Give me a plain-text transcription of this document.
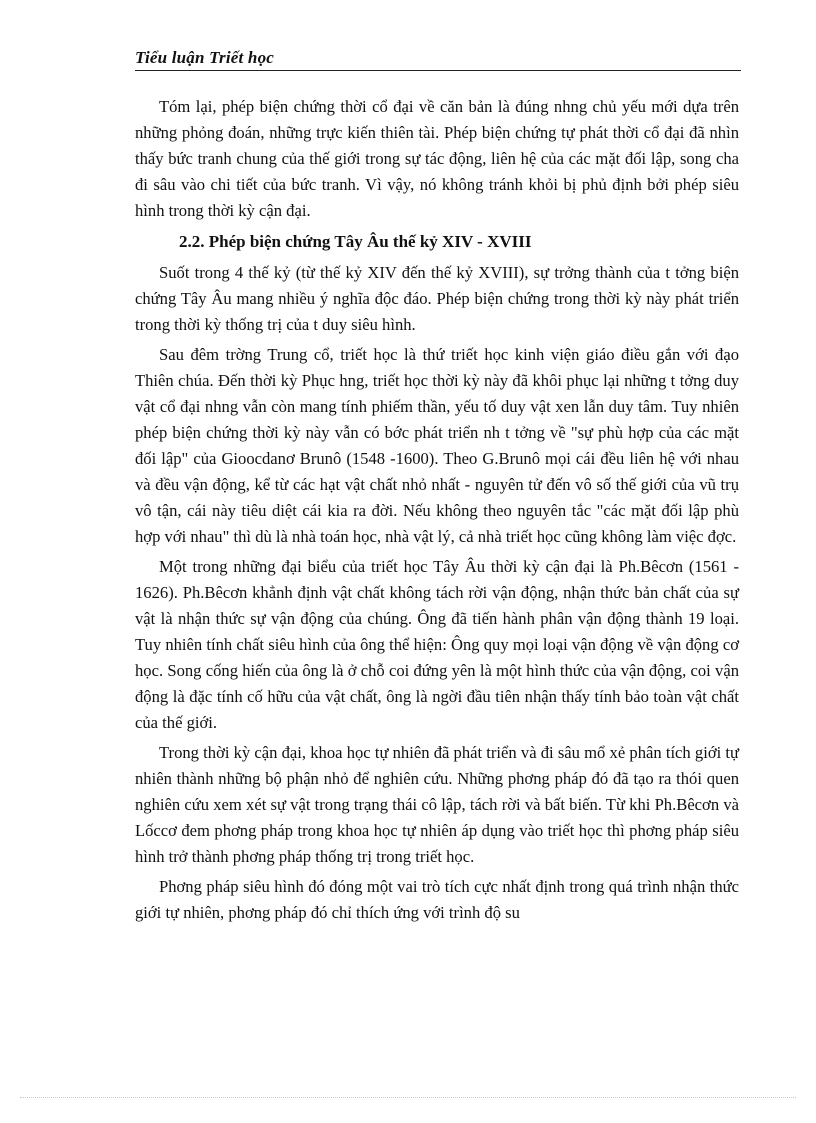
Tiểu luận Triết học

Tóm lại, phép biện chứng thời cổ đại về căn bản là đúng nhng chủ yếu mới dựa trên những phỏng đoán, những trực kiến thiên tài. Phép biện chứng tự phát thời cổ đại đã nhìn thấy bức tranh chung của thế giới trong sự tác động, liên hệ của các mặt đối lập, song cha đi sâu vào chi tiết của bức tranh. Vì vậy, nó không tránh khỏi bị phủ định bởi phép siêu hình trong thời kỳ cận đại.

2.2. Phép biện chứng Tây Âu thế kỷ XIV - XVIII

Suốt trong 4 thế kỷ (từ thế kỷ XIV đến thế kỷ XVIII), sự trởng thành của t tởng biện chứng Tây Âu mang nhiều ý nghĩa độc đáo. Phép biện chứng trong thời kỳ này phát triển trong thời kỳ thống trị của t duy siêu hình.

Sau đêm trờng Trung cổ, triết học là thứ triết học kinh viện giáo điều gắn với đạo Thiên chúa. Đến thời kỳ Phục hng, triết học thời kỳ này đã khôi phục lại những t tởng duy vật cổ đại nhng vẫn còn mang tính phiếm thần, yếu tố duy vật xen lẫn duy tâm. Tuy nhiên phép biện chứng thời kỳ này vẫn có bớc phát triển nh t tởng về "sự phù hợp của các mặt đối lập" của Gioocdanơ Brunô (1548 -1600). Theo G.Brunô mọi cái đều liên hệ với nhau và đều vận động, kể từ các hạt vật chất nhỏ nhất - nguyên tử đến vô số thế giới của vũ trụ vô tận, cái này tiêu diệt cái kia ra đời. Nếu không theo nguyên tắc "các mặt đối lập phù hợp với nhau" thì dù là nhà toán học, nhà vật lý, cả nhà triết học cũng không làm việc đợc.

Một trong những đại biểu của triết học Tây Âu thời kỳ cận đại là Ph.Bêcơn (1561 - 1626). Ph.Bêcơn khẳnh định vật chất không tách rời vận động, nhận thức bản chất của sự vật là nhận thức sự vận động của chúng. Ông đã tiến hành phân vận động thành 19 loại. Tuy nhiên tính chất siêu hình của ông thể hiện: Ông quy mọi loại vận động về vận động cơ học. Song cống hiến của ông là ở chỗ coi đứng yên là một hình thức của vận động, coi vận động là đặc tính cố hữu của vật chất, ông là ngời đầu tiên nhận thấy tính bảo toàn vật chất của thế giới.

Trong thời kỳ cận đại, khoa học tự nhiên đã phát triển và đi sâu mổ xẻ phân tích giới tự nhiên thành những bộ phận nhỏ để nghiên cứu. Những phơng pháp đó đã tạo ra thói quen nghiên cứu xem xét sự vật trong trạng thái cô lập, tách rời và bất biến. Từ khi Ph.Bêcơn và Lốccơ đem phơng pháp trong khoa học tự nhiên áp dụng vào triết học thì phơng pháp siêu hình trở thành phơng pháp thống trị trong triết học.

Phơng pháp siêu hình đó đóng một vai trò tích cực nhất định trong quá trình nhận thức giới tự nhiên, phơng pháp đó chỉ thích ứng với trình độ su
